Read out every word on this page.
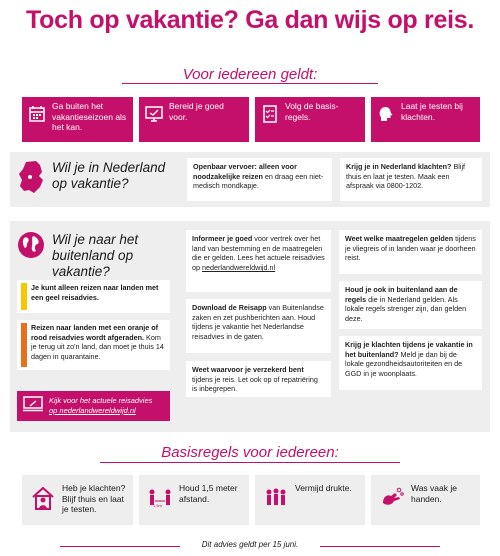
Toch op vakantie? Ga dan wijs op reis.
Voor iedereen geldt:
Ga buiten het vakantieseizoen als het kan.
Bereid je goed voor.
Volg de basis-regels.
Laat je testen bij klachten.
Wil je in Nederland op vakantie?
Openbaar vervoer: alleen voor noodzakelijke reizen en draag een niet-medisch mondkapje.
Krijg je in Nederland klachten? Blijf thuis en laat je testen. Maak een afspraak via 0800-1202.
Wil je naar het buitenland op vakantie?
Je kunt alleen reizen naar landen met een geel reisadvies.
Reizen naar landen met een oranje of rood reisadvies wordt afgeraden. Kom je terug uit zo'n land, dan moet je thuis 14 dagen in quarantaine.
Kijk voor het actuele reisadvies
op nederlandwereldwijd.nl
Informeer je goed voor vertrek over het land van bestemming en de maatregelen die er gelden. Lees het actuele reisadvies op nederlandwereldwijd.nl
Download de Reisapp van Buitenlandse zaken en zet pushberichten aan. Houd tijdens je vakantie het Nederlandse reisadvies in de gaten.
Weet waarvoor je verzekerd bent tijdens je reis. Let ook op of repatriëring is inbegrepen.
Weet welke maatregelen gelden tijdens je vliegreis of in landen waar je doorheen reist.
Houd je ook in buitenland aan de regels die in Nederland gelden. Als lokale regels strenger zijn, dan gelden deze.
Krijg je klachten tijdens je vakantie in het buitenland? Meld je dan bij de lokale gezondheidsautoriteiten en de GGD in je woonplaats.
Basisregels voor iedereen:
Heb je klachten? Blijf thuis en laat je testen.	1,5m
Houd 1,5 meter afstand.
Vermijd drukte.	Was vaak je handen.
Dit advies geldt per 15 juni.
